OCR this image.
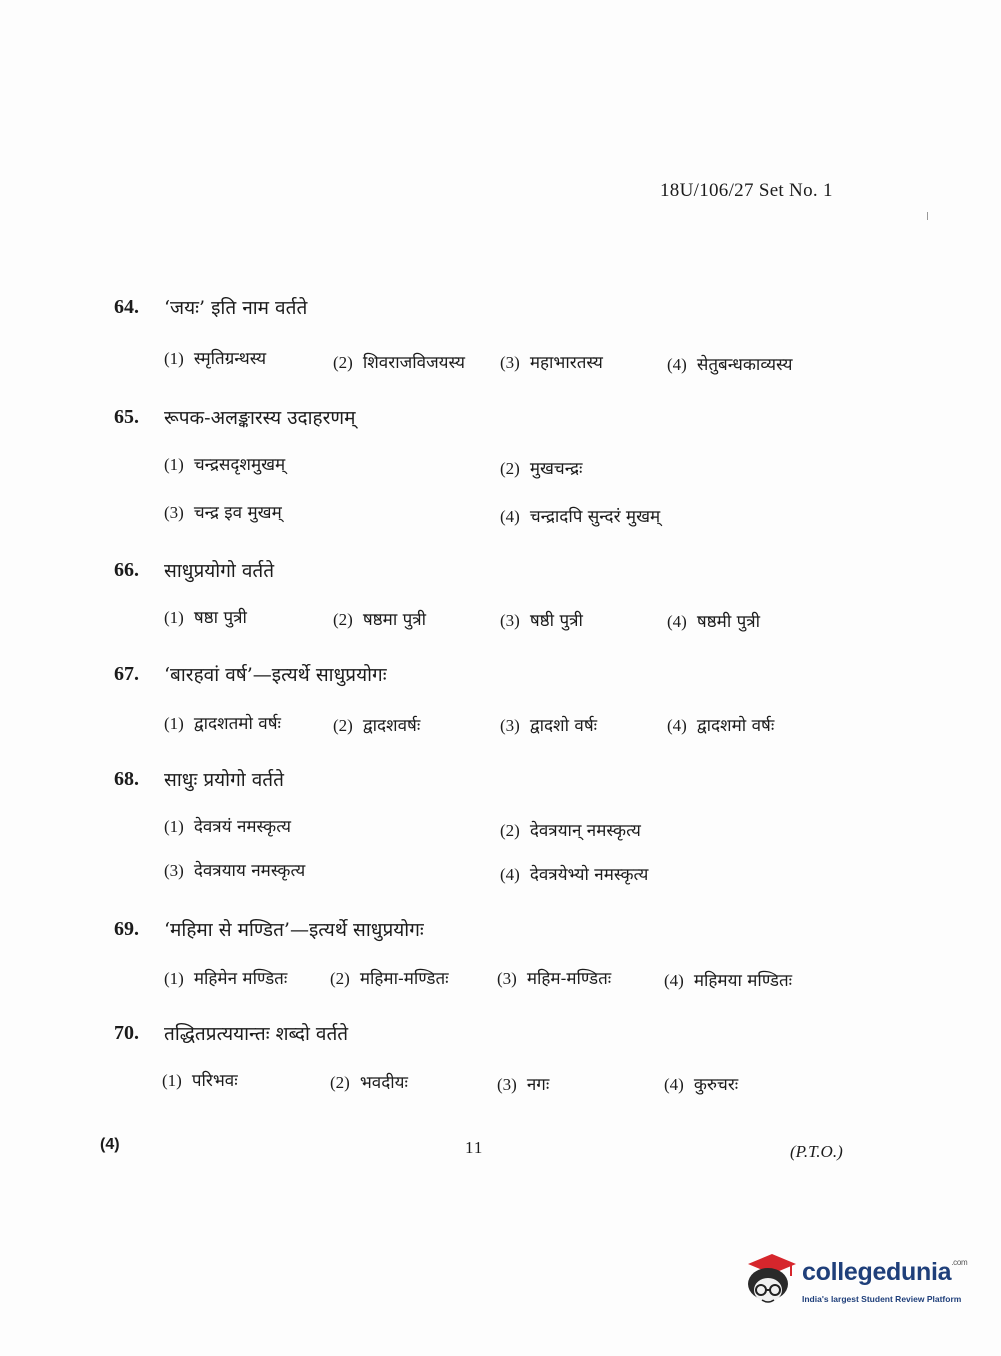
18U/106/27 Set No. 1
64. ‘जयः’ इति नाम वर्तते
(1) स्मृतिग्रन्थस्य	(2) शिवराजविजयस्य (3) महाभारतस्य	(4) सेतुबन्धकाव्यस्य
65. रूपक-अलङ्कारस्य उदाहरणम्
(1) चन्द्रसदृशमुखम्	(2) मुखचन्द्रः
(3) चन्द्र इव मुखम्	(4) चन्द्रादपि सुन्दरं मुखम्
66. साधुप्रयोगो वर्तते
(1) षष्ठा पुत्री	(2) षष्ठमा पुत्री	(3) षष्ठी पुत्री	(4) षष्ठमी पुत्री
67. ‘बारहवां वर्ष’—इत्यर्थे साधुप्रयोगः
(1) द्वादशतमो वर्षः	(2) द्वादशवर्षः	(3) द्वादशो वर्षः	(4) द्वादशमो वर्षः
68. साधुः प्रयोगो वर्तते
(1) देवत्रयं नमस्कृत्य	(2) देवत्रयान् नमस्कृत्य
(3) देवत्रयाय नमस्कृत्य	(4) देवत्रयेभ्यो नमस्कृत्य
69. ‘महिमा से मण्डित’—इत्यर्थे साधुप्रयोगः
(1) महिमेन मण्डितः	(2) महिमा-मण्डितः	(3) महिम-मण्डितः	(4) महिमया मण्डितः
70. तद्धितप्रत्ययान्तः शब्दो वर्तते
(1) परिभवः	(2) भवदीयः	(3) नगः	(4) कुरुचरः
(4)	11	(P.T.O.)
collegedunia$^{.com}$
India's largest Student Review Platform
